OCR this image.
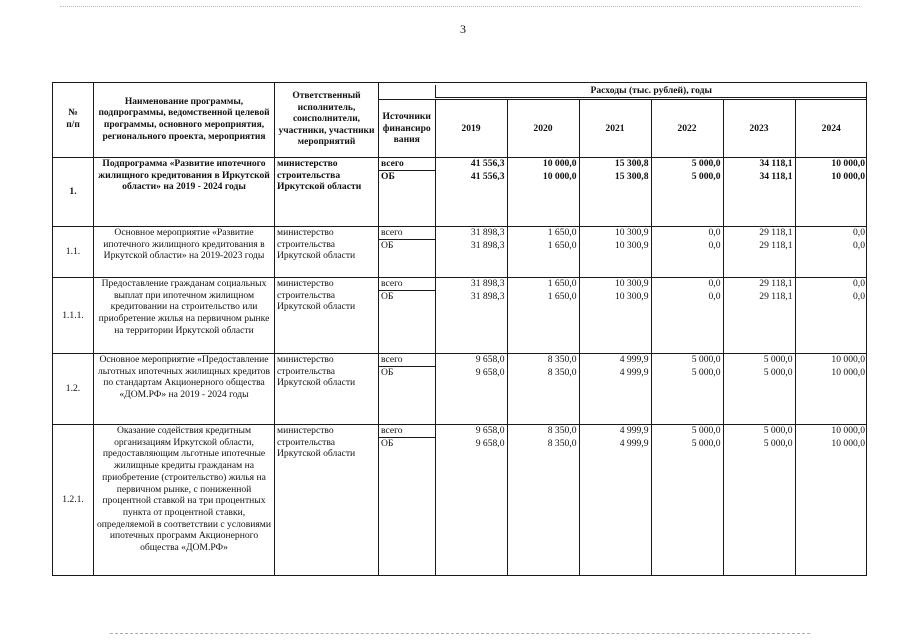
3
№
п/п	Наименование программы, подпрограммы, ведомственной целевой программы, основного мероприятия, регионального проекта, мероприятия	Ответственный исполнитель, соисполнители, участники, участники мероприятий	
	Расходы (тыс. рублей), годы

Источники финансиро вания	2019	2020	2021	2022	2023	2024

1.	Подпрограмма «Развитие ипотечного жилищного кредитования в Иркутской области» на 2019 - 2024 годы	министерство строительства Иркутской области	
всего	41 556,3	10 000,0	15 300,8	5 000,0	34 118,1	10 000,0
ОБ	41 556,3	10 000,0	15 300,8	5 000,0	34 118,1	10 000,0

1.1.	Основное мероприятие «Развитие ипотечного жилищного кредитования в Иркутской области» на 2019-2023 годы	министерство строительства Иркутской области	
всего	31 898,3	1 650,0	10 300,9	0,0	29 118,1	0,0
ОБ	31 898,3	1 650,0	10 300,9	0,0	29 118,1	0,0

1.1.1.	Предоставление гражданам социальных выплат при ипотечном жилищном кредитовании на строительство или приобретение жилья на первичном рынке на территории Иркутской области	министерство строительства Иркутской области	
всего	31 898,3	1 650,0	10 300,9	0,0	29 118,1	0,0
ОБ	31 898,3	1 650,0	10 300,9	0,0	29 118,1	0,0

1.2.	Основное мероприятие «Предоставление льготных ипотечных жилищных кредитов по стандартам Акционерного общества «ДОМ.РФ» на 2019 - 2024 годы	министерство строительства Иркутской области	
всего	9 658,0	8 350,0	4 999,9	5 000,0	5 000,0	10 000,0
ОБ	9 658,0	8 350,0	4 999,9	5 000,0	5 000,0	10 000,0

1.2.1.	Оказание содействия кредитным организациям Иркутской области, предоставляющим льготные ипотечные жилищные кредиты гражданам на приобретение (строительство) жилья на первичном рынке, с пониженной процентной ставкой на три процентных пункта от процентной ставки, определяемой в соответствии с условиями ипотечных программ Акционерного общества «ДОМ.РФ»	министерство строительства Иркутской области	
всего	9 658,0	8 350,0	4 999,9	5 000,0	5 000,0	10 000,0
ОБ	9 658,0	8 350,0	4 999,9	5 000,0	5 000,0	10 000,0
